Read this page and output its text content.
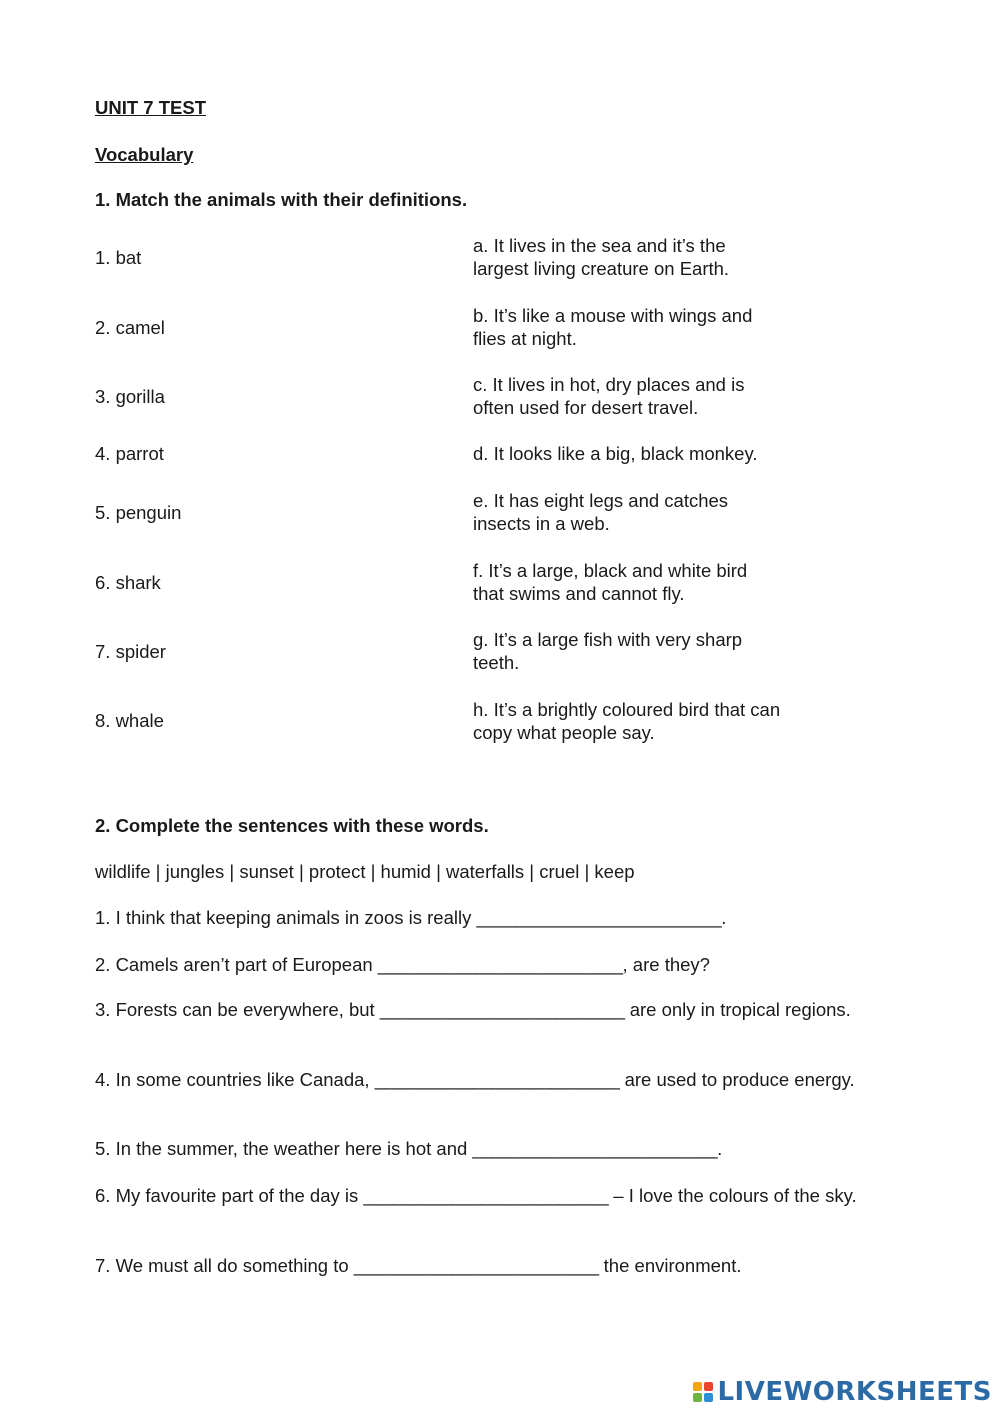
UNIT 7 TEST
Vocabulary
1. Match the animals with their definitions.
1. bat
2. camel
3. gorilla
4. parrot
5. penguin
6. shark
7. spider
8. whale
a. It lives in the sea and it’s the
largest living creature on Earth.
b. It’s like a mouse with wings and
flies at night.
c. It lives in hot, dry places and is
often used for desert travel.
d. It looks like a big, black monkey.
e. It has eight legs and catches
insects in a web.
f. It’s a large, black and white bird
that swims and cannot fly.
g. It’s a large fish with very sharp
teeth.
h. It’s a brightly coloured bird that can
copy what people say.
2. Complete the sentences with these words.
wildlife | jungles | sunset | protect | humid | waterfalls | cruel | keep
1. I think that keeping animals in zoos is really _________________________.
2. Camels aren’t part of European _________________________, are they?
3. Forests can be everywhere, but _________________________ are only in tropical regions.
4. In some countries like Canada, _________________________ are used to produce energy.
5. In the summer, the weather here is hot and _________________________.
6. My favourite part of the day is _________________________ – I love the colours of the sky.
7. We must all do something to _________________________ the environment.
LIVEWORKSHEETS
